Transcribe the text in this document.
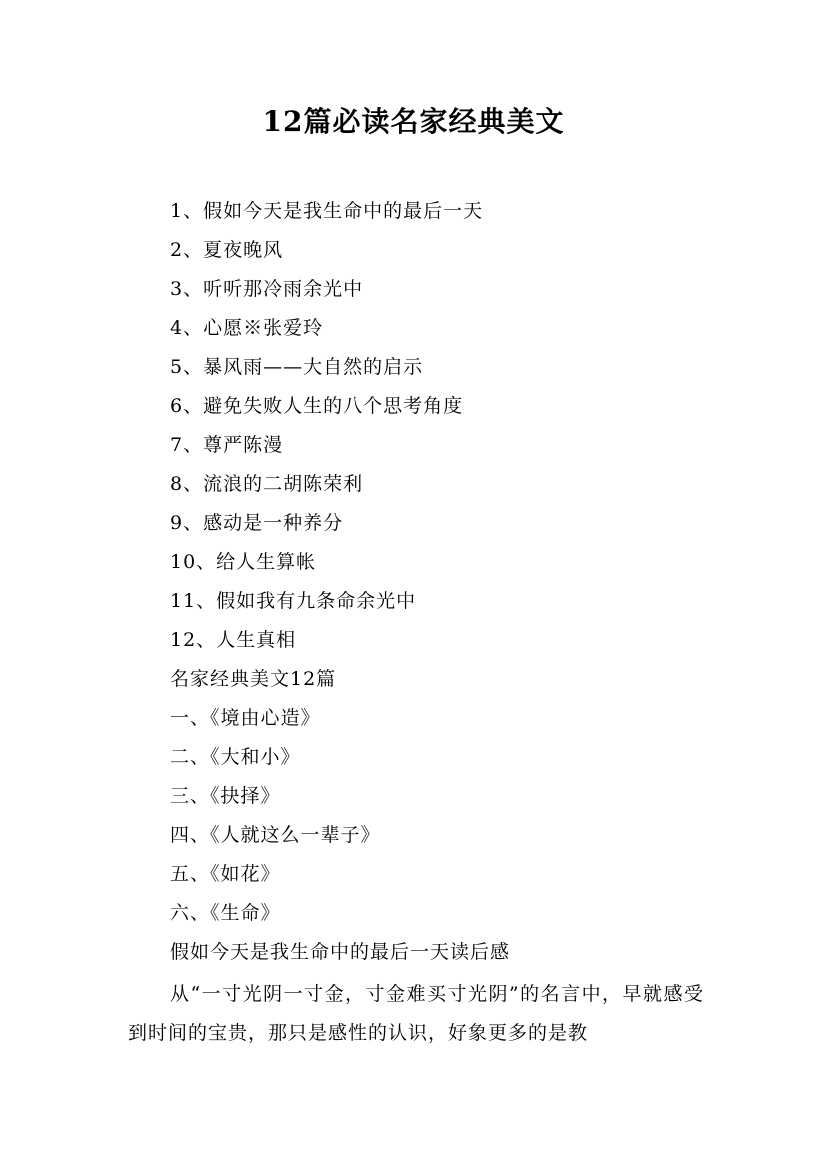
12篇必读名家经典美文
1、假如今天是我生命中的最后一天
2、夏夜晚风
3、听听那冷雨余光中
4、心愿※张爱玲
5、暴风雨——大自然的启示
6、避免失败人生的八个思考角度
7、尊严陈漫
8、流浪的二胡陈荣利
9、感动是一种养分
10、给人生算帐
11、假如我有九条命余光中
12、人生真相
名家经典美文12篇
一、《境由心造》
二、《大和小》
三、《抉择》
四、《人就这么一辈子》
五、《如花》
六、《生命》
假如今天是我生命中的最后一天读后感

从“一寸光阴一寸金，寸金难买寸光阴”的名言中，早就感受到时间的宝贵，那只是感性的认识，好象更多的是教
